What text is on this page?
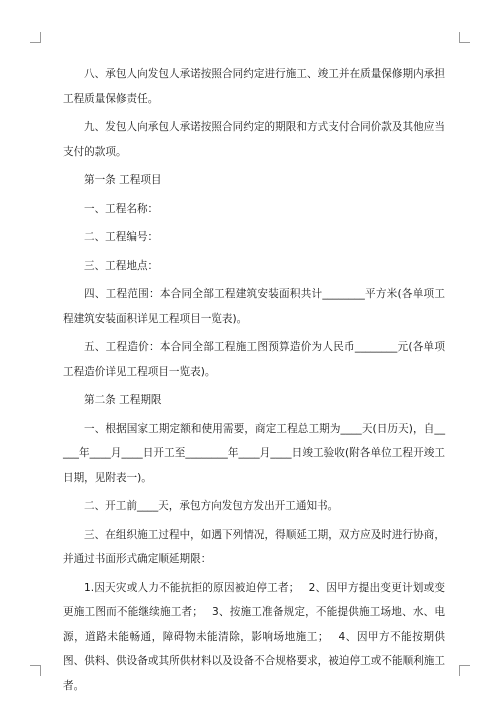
八、承包人向发包人承诺按照合同约定进行施工、竣工并在质量保修期内承担工程质量保修责任。

九、发包人向承包人承诺按照合同约定的期限和方式支付合同价款及其他应当支付的款项。

第一条 工程项目

一、工程名称：

二、工程编号：

三、工程地点：

四、工程范围：本合同全部工程建筑安装面积共计________平方米(各单项工程建筑安装面积详见工程项目一览表)。

五、工程造价：本合同全部工程施工图预算造价为人民币________元(各单项工程造价详见工程项目一览表)。

第二条 工程期限

一、根据国家工期定额和使用需要，商定工程总工期为____天(日历天)，自_____年____月____日开工至________年____月____日竣工验收(附各单位工程开竣工日期，见附表一)。

二、开工前____天，承包方向发包方发出开工通知书。

三、在组织施工过程中，如遇下列情况，得顺延工期，双方应及时进行协商，并通过书面形式确定顺延期限：

1.因天灾或人力不能抗拒的原因被迫停工者；　 2、因甲方提出变更计划或变更施工图而不能继续施工者；　 3、按施工准备规定，不能提供施工场地、水、电源，道路未能畅通，障碍物未能清除，影响场地施工；　 4、因甲方不能按期供图、供料、供设备或其所供材料以及设备不合规格要求，被迫停工或不能顺利施工者。
